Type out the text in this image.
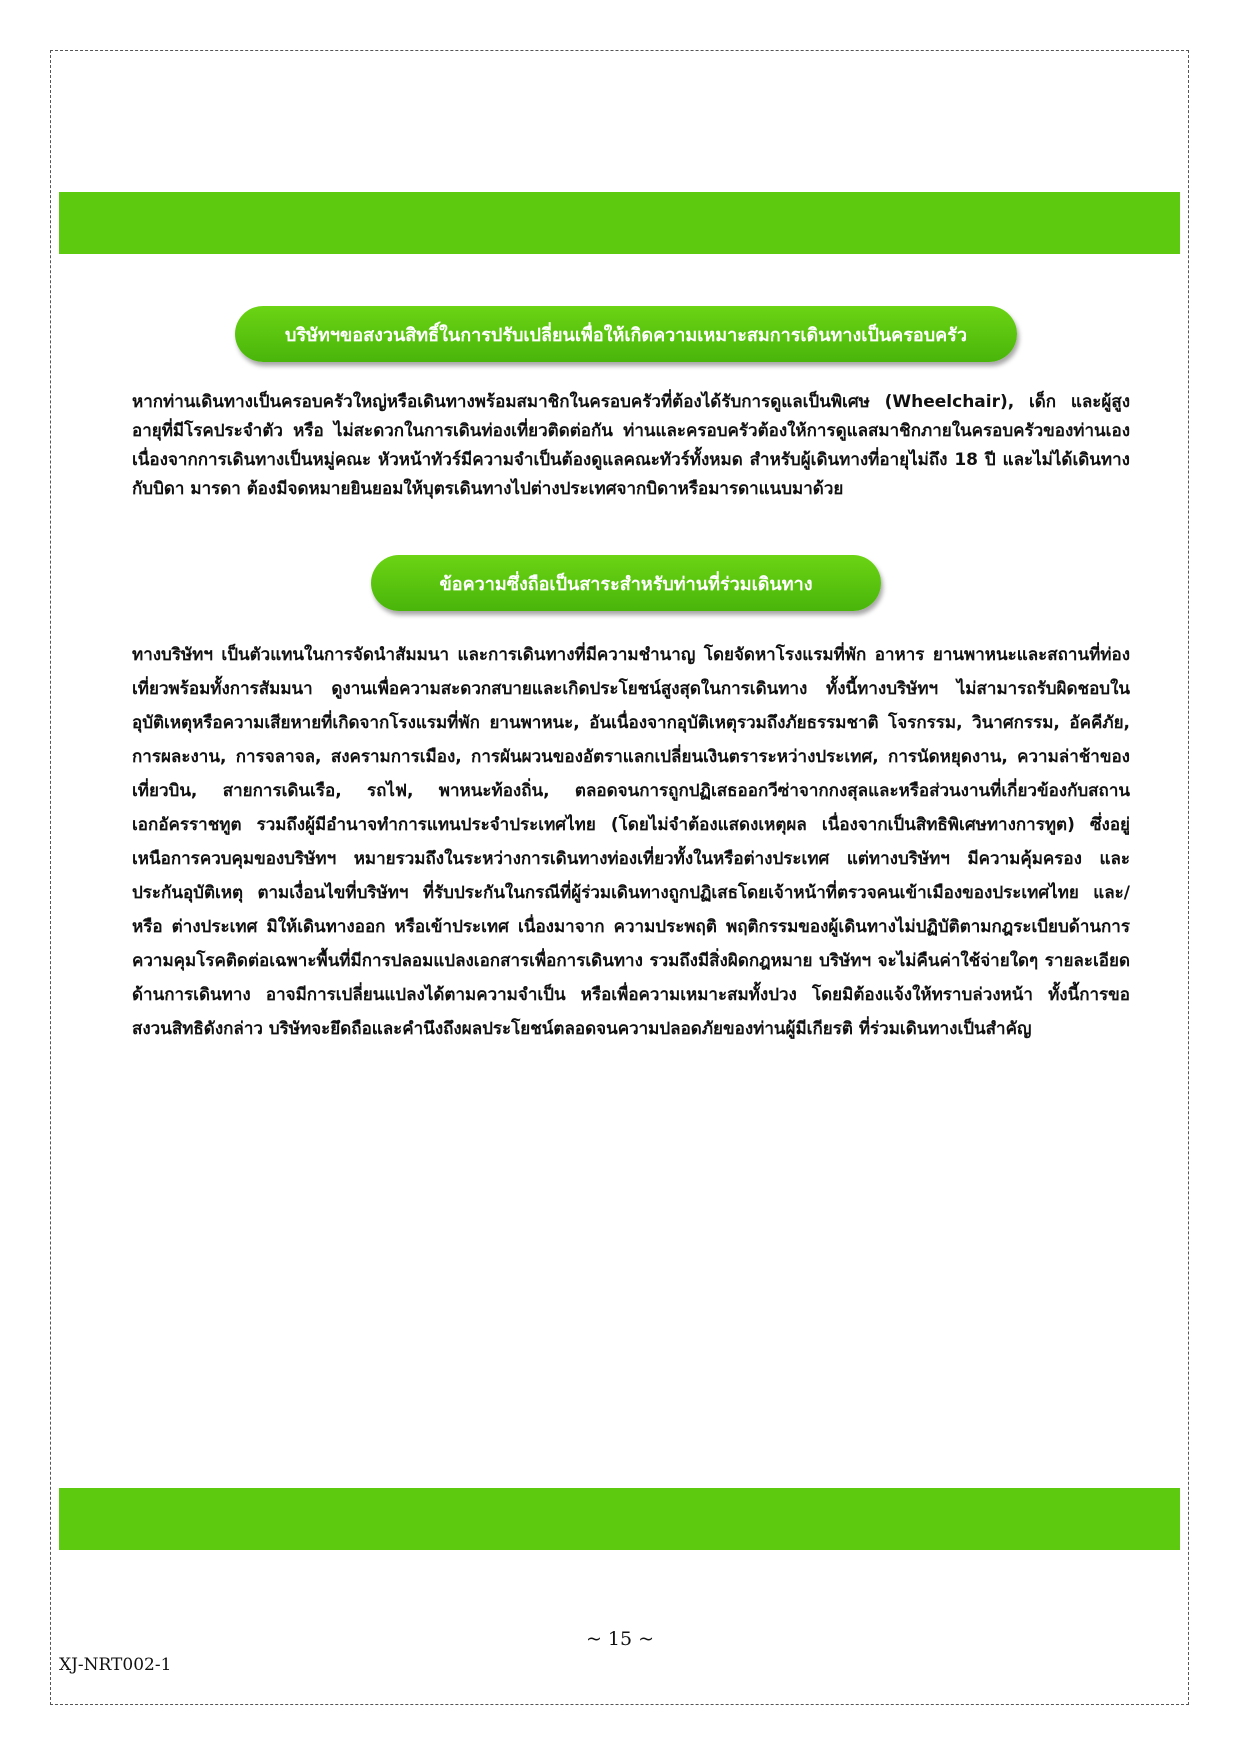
บริษัทฯขอสงวนสิทธิ์ในการปรับเปลี่ยนเพื่อให้เกิดความเหมาะสมการเดินทางเป็นครอบครัว

หากท่านเดินทางเป็นครอบครัวใหญ่หรือเดินทางพร้อมสมาชิกในครอบครัวที่ต้องได้รับการดูแลเป็นพิเศษ (Wheelchair), เด็ก และผู้สูงอายุที่มีโรคประจำตัว หรือ ไม่สะดวกในการเดินท่องเที่ยวติดต่อกัน ท่านและครอบครัวต้องให้การดูแลสมาชิกภายในครอบครัวของท่านเอง เนื่องจากการเดินทางเป็นหมู่คณะ หัวหน้าทัวร์มีความจำเป็นต้องดูแลคณะทัวร์ทั้งหมด สำหรับผู้เดินทางที่อายุไม่ถึง 18 ปี และไม่ได้เดินทางกับบิดา มารดา ต้องมีจดหมายยินยอมให้บุตรเดินทางไปต่างประเทศจากบิดาหรือมารดาแนบมาด้วย

ข้อความซึ่งถือเป็นสาระสำหรับท่านที่ร่วมเดินทาง

ทางบริษัทฯ เป็นตัวแทนในการจัดนำสัมมนา และการเดินทางที่มีความชำนาญ โดยจัดหาโรงแรมที่พัก อาหาร ยานพาหนะและสถานที่ท่องเที่ยวพร้อมทั้งการสัมมนา ดูงานเพื่อความสะดวกสบายและเกิดประโยชน์สูงสุดในการเดินทาง ทั้งนี้ทางบริษัทฯ ไม่สามารถรับผิดชอบในอุบัติเหตุหรือความเสียหายที่เกิดจากโรงแรมที่พัก ยานพาหนะ, อันเนื่องจากอุบัติเหตุรวมถึงภัยธรรมชาติ โจรกรรม, วินาศกรรม, อัคคีภัย, การผละงาน, การจลาจล, สงครามการเมือง, การผันผวนของอัตราแลกเปลี่ยนเงินตราระหว่างประเทศ, การนัดหยุดงาน, ความล่าช้าของเที่ยวบิน, สายการเดินเรือ, รถไฟ, พาหนะท้องถิ่น, ตลอดจนการถูกปฏิเสธออกวีซ่าจากกงสุลและหรือส่วนงานที่เกี่ยวข้องกับสถานเอกอัครราชทูต รวมถึงผู้มีอำนาจทำการแทนประจำประเทศไทย (โดยไม่จำต้องแสดงเหตุผล เนื่องจากเป็นสิทธิพิเศษทางการทูต) ซึ่งอยู่เหนือการควบคุมของบริษัทฯ หมายรวมถึงในระหว่างการเดินทางท่องเที่ยวทั้งในหรือต่างประเทศ แต่ทางบริษัทฯ มีความคุ้มครอง และประกันอุบัติเหตุ ตามเงื่อนไขที่บริษัทฯ ที่รับประกันในกรณีที่ผู้ร่วมเดินทางถูกปฏิเสธโดยเจ้าหน้าที่ตรวจคนเข้าเมืองของประเทศไทย และ/หรือ ต่างประเทศ มิให้เดินทางออก หรือเข้าประเทศ เนื่องมาจาก ความประพฤติ พฤติกรรมของผู้เดินทางไม่ปฏิบัติตามกฎระเบียบด้านการความคุมโรคติดต่อเฉพาะพื้นที่มีการปลอมแปลงเอกสารเพื่อการเดินทาง รวมถึงมีสิ่งผิดกฎหมาย บริษัทฯ จะไม่คืนค่าใช้จ่ายใดๆ รายละเอียดด้านการเดินทาง อาจมีการเปลี่ยนแปลงได้ตามความจำเป็น หรือเพื่อความเหมาะสมทั้งปวง โดยมิต้องแจ้งให้ทราบล่วงหน้า ทั้งนี้การขอสงวนสิทธิดังกล่าว บริษัทจะยึดถือและคำนึงถึงผลประโยชน์ตลอดจนความปลอดภัยของท่านผู้มีเกียรติ ที่ร่วมเดินทางเป็นสำคัญ

~ 15 ~
XJ-NRT002-1
